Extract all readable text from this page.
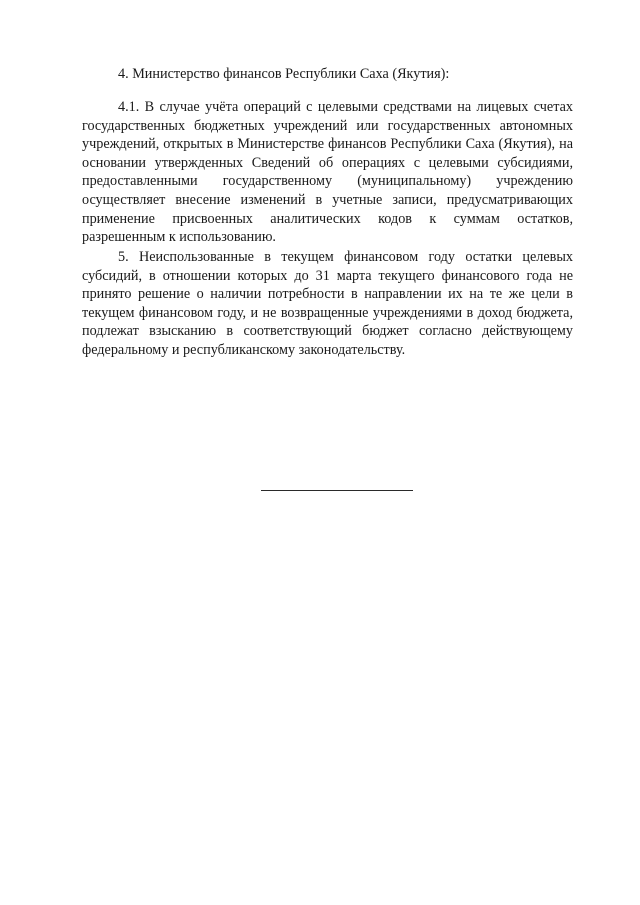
4. Министерство финансов Республики Саха (Якутия):

4.1. В случае учёта операций с целевыми средствами на лицевых счетах государственных бюджетных учреждений или государственных автономных учреждений, открытых в Министерстве финансов Республики Саха (Якутия), на основании утвержденных Сведений об операциях с целевыми субсидиями, предоставленными государственному (муниципальному) учреждению осуществляет внесение изменений в учетные записи, предусматривающих применение присвоенных аналитических кодов к суммам остатков, разрешенным к использованию.

5. Неиспользованные в текущем финансовом году остатки целевых субсидий, в отношении которых до 31 марта текущего финансового года не принято решение о наличии потребности в направлении их на те же цели в текущем финансовом году, и не возвращенные учреждениями в доход бюджета, подлежат взысканию в соответствующий бюджет согласно действующему федеральному и республиканскому законодательству.
